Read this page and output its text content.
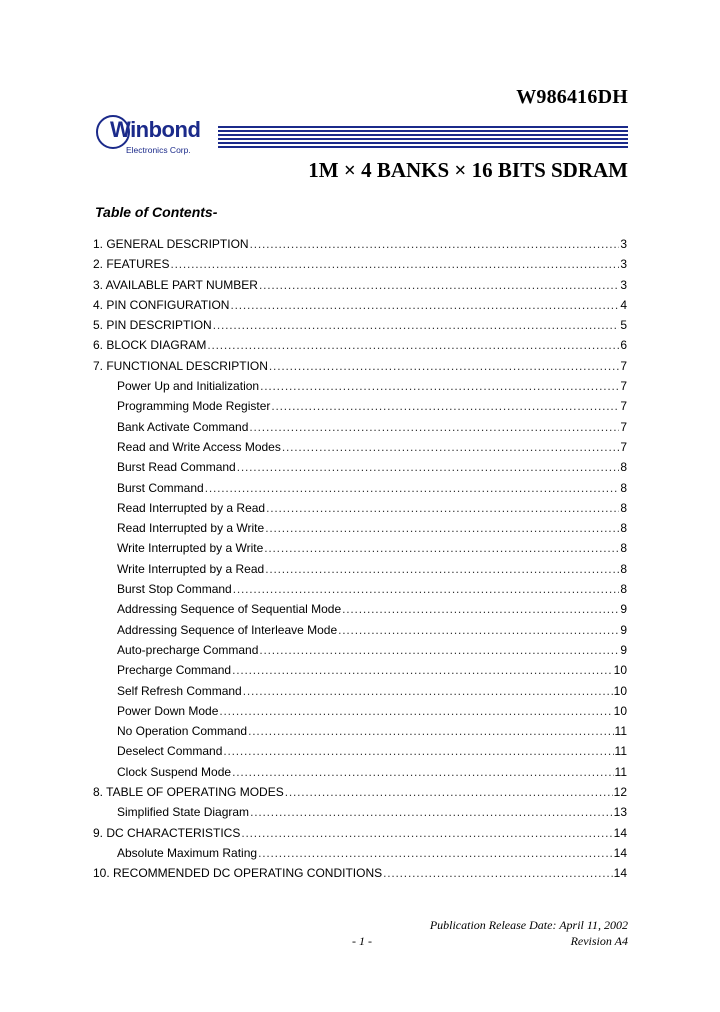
W986416DH
Winbond
Electronics Corp.
1M × 4 BANKS × 16 BITS SDRAM
Table of Contents-
1. GENERAL DESCRIPTION .....	3
2. FEATURES .....	3
3. AVAILABLE PART NUMBER .....	3
4. PIN CONFIGURATION .....	4
5. PIN DESCRIPTION .....	5
6. BLOCK DIAGRAM .....	6
7. FUNCTIONAL DESCRIPTION .....	7
Power Up and Initialization .....	7
Programming Mode Register .....	7
Bank Activate Command .....	7
Read and Write Access Modes .....	7
Burst Read Command .....	8
Burst Command .....	8
Read Interrupted by a Read .....	8
Read Interrupted by a Write .....	8
Write Interrupted by a Write .....	8
Write Interrupted by a Read .....	8
Burst Stop Command .....	8
Addressing Sequence of Sequential Mode .....	9
Addressing Sequence of Interleave Mode .....	9
Auto-precharge Command .....	9
Precharge Command .....	10
Self Refresh Command .....	10
Power Down Mode .....	10
No Operation Command .....	11
Deselect Command .....	11
Clock Suspend Mode .....	11
8. TABLE OF OPERATING MODES .....	12
Simplified State Diagram .....	13
9. DC CHARACTERISTICS .....	14
Absolute Maximum Rating .....	14
10. RECOMMENDED DC OPERATING CONDITIONS .....	14
Publication Release Date: April 11, 2002
- 1 -	Revision A4
